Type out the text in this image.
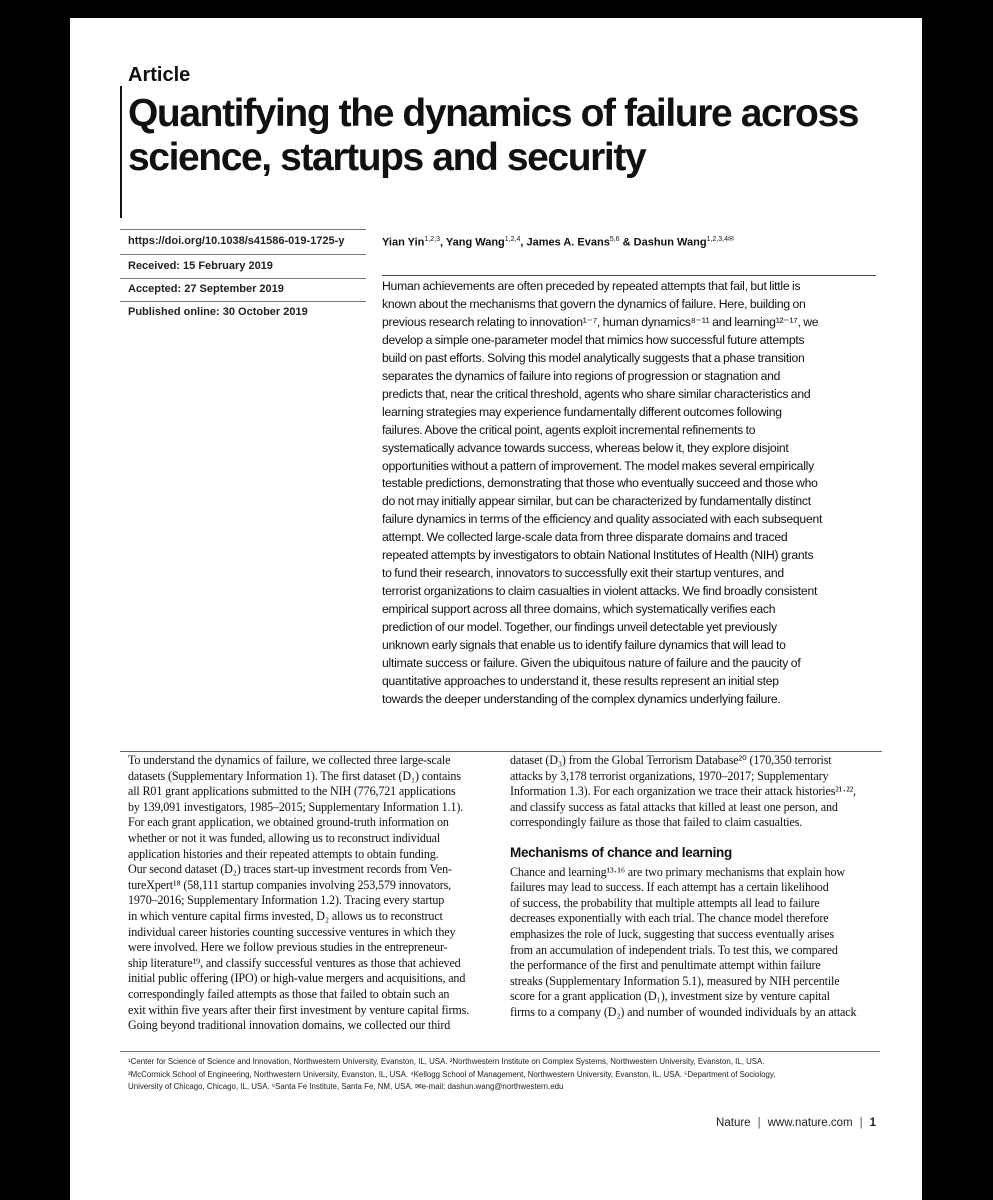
Article
Quantifying the dynamics of failure across
science, startups and security
https://doi.org/10.1038/s41586-019-1725-y
Received: 15 February 2019
Accepted: 27 September 2019
Published online: 30 October 2019
Yian Yin$^{1,2,3}$, Yang Wang$^{1,2,4}$, James A. Evans$^{5,6}$ & Dashun Wang$^{1,2,3,4✉}$
Human achievements are often preceded by repeated attempts that fail, but little is
known about the mechanisms that govern the dynamics of failure. Here, building on
previous research relating to innovation¹⁻⁷, human dynamics⁸⁻¹¹ and learning¹²⁻¹⁷, we
develop a simple one-parameter model that mimics how successful future attempts
build on past efforts. Solving this model analytically suggests that a phase transition
separates the dynamics of failure into regions of progression or stagnation and
predicts that, near the critical threshold, agents who share similar characteristics and
learning strategies may experience fundamentally different outcomes following
failures. Above the critical point, agents exploit incremental refinements to
systematically advance towards success, whereas below it, they explore disjoint
opportunities without a pattern of improvement. The model makes several empirically
testable predictions, demonstrating that those who eventually succeed and those who
do not may initially appear similar, but can be characterized by fundamentally distinct
failure dynamics in terms of the efficiency and quality associated with each subsequent
attempt. We collected large-scale data from three disparate domains and traced
repeated attempts by investigators to obtain National Institutes of Health (NIH) grants
to fund their research, innovators to successfully exit their startup ventures, and
terrorist organizations to claim casualties in violent attacks. We find broadly consistent
empirical support across all three domains, which systematically verifies each
prediction of our model. Together, our findings unveil detectable yet previously
unknown early signals that enable us to identify failure dynamics that will lead to
ultimate success or failure. Given the ubiquitous nature of failure and the paucity of
quantitative approaches to understand it, these results represent an initial step
towards the deeper understanding of the complex dynamics underlying failure.
To understand the dynamics of failure, we collected three large-scale
datasets (Supplementary Information 1). The first dataset (D₁) contains
all R01 grant applications submitted to the NIH (776,721 applications
by 139,091 investigators, 1985–2015; Supplementary Information 1.1).
For each grant application, we obtained ground-truth information on
whether or not it was funded, allowing us to reconstruct individual
application histories and their repeated attempts to obtain funding.
Our second dataset (D₂) traces start-up investment records from Ven-
tureXpert¹⁸ (58,111 startup companies involving 253,579 innovators,
1970–2016; Supplementary Information 1.2). Tracing every startup
in which venture capital firms invested, D₂ allows us to reconstruct
individual career histories counting successive ventures in which they
were involved. Here we follow previous studies in the entrepreneur-
ship literature¹⁹, and classify successful ventures as those that achieved
initial public offering (IPO) or high-value mergers and acquisitions, and
correspondingly failed attempts as those that failed to obtain such an
exit within five years after their first investment by venture capital firms.
Going beyond traditional innovation domains, we collected our third
dataset (D₃) from the Global Terrorism Database²⁰ (170,350 terrorist
attacks by 3,178 terrorist organizations, 1970–2017; Supplementary
Information 1.3). For each organization we trace their attack histories²¹·²²,
and classify success as fatal attacks that killed at least one person, and
correspondingly failure as those that failed to claim casualties.
Mechanisms of chance and learning
Chance and learning¹³·¹⁶ are two primary mechanisms that explain how
failures may lead to success. If each attempt has a certain likelihood
of success, the probability that multiple attempts all lead to failure
decreases exponentially with each trial. The chance model therefore
emphasizes the role of luck, suggesting that success eventually arises
from an accumulation of independent trials. To test this, we compared
the performance of the first and penultimate attempt within failure
streaks (Supplementary Information 5.1), measured by NIH percentile
score for a grant application (D₁), investment size by venture capital
firms to a company (D₂) and number of wounded individuals by an attack
¹Center for Science of Science and Innovation, Northwestern University, Evanston, IL, USA. ²Northwestern Institute on Complex Systems, Northwestern University, Evanston, IL, USA.
³McCormick School of Engineering, Northwestern University, Evanston, IL, USA. ⁴Kellogg School of Management, Northwestern University, Evanston, IL, USA. ⁵Department of Sociology,
University of Chicago, Chicago, IL, USA. ⁶Santa Fe Institute, Santa Fe, NM, USA. ✉e-mail: dashun.wang@northwestern.edu
Nature | www.nature.com | 1
